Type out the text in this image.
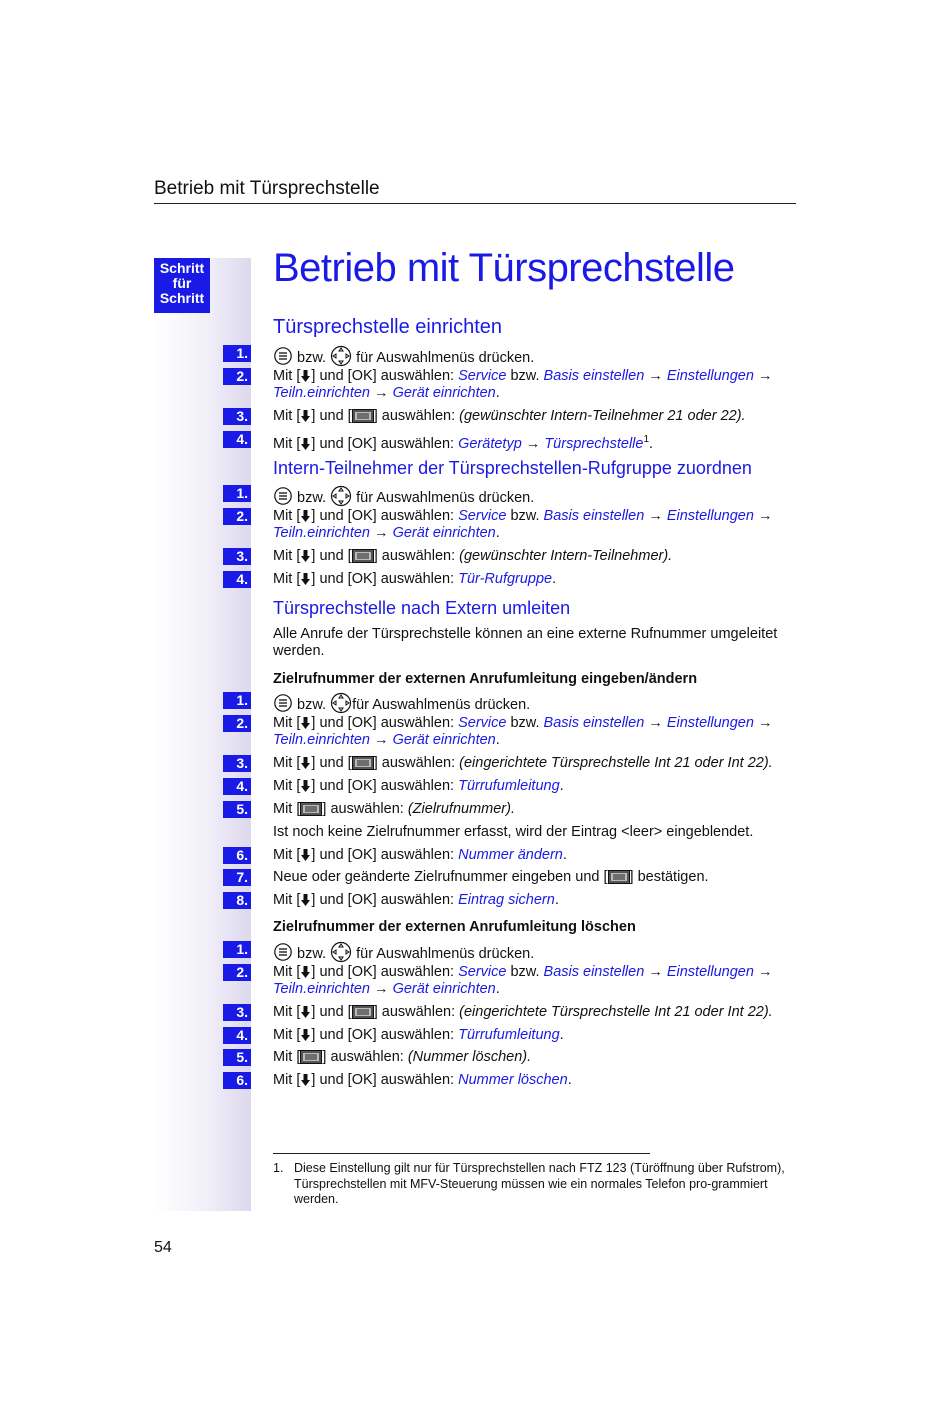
Betrieb mit Türsprechstelle
Schritt
für
Schritt
Betrieb mit Türsprechstelle
Türsprechstelle einrichten
1.	bzw. für Auswahlmenüs drücken.
2. Mit [ ] und [OK] auswählen: Service bzw. Basis einstellen → Einstellungen →
Teiln.einrichten → Gerät einrichten.
3. Mit [ ] und [ ] auswählen: (gewünschter Intern-Teilnehmer 21 oder 22).
4. Mit [ ] und [OK] auswählen: Gerätetyp → Türsprechstelle$^1$.
Intern-Teilnehmer der Türsprechstellen-Rufgruppe zuordnen
1.	bzw. für Auswahlmenüs drücken.
2. Mit [ ] und [OK] auswählen: Service bzw. Basis einstellen → Einstellungen →
Teiln.einrichten → Gerät einrichten.
3. Mit [ ] und [ ] auswählen: (gewünschter Intern-Teilnehmer).
4. Mit [ ] und [OK] auswählen: Tür-Rufgruppe.
Türsprechstelle nach Extern umleiten
Alle Anrufe der Türsprechstelle können an eine externe Rufnummer umgeleitet werden.
Zielrufnummer der externen Anrufumleitung eingeben/ändern
1.	bzw. für Auswahlmenüs drücken.
2. Mit [ ] und [OK] auswählen: Service bzw. Basis einstellen → Einstellungen →
Teiln.einrichten → Gerät einrichten.
3. Mit [ ] und [ ] auswählen: (eingerichtete Türsprechstelle Int 21 oder Int 22).
4. Mit [ ] und [OK] auswählen: Türrufumleitung.
5. Mit [ ] auswählen: (Zielrufnummer).
Ist noch keine Zielrufnummer erfasst, wird der Eintrag <leer> eingeblendet.
6. Mit [ ] und [OK] auswählen: Nummer ändern.
7. Neue oder geänderte Zielrufnummer eingeben und [ ] bestätigen.
8. Mit [ ] und [OK] auswählen: Eintrag sichern.
Zielrufnummer der externen Anrufumleitung löschen
1.	bzw. für Auswahlmenüs drücken.
2. Mit [ ] und [OK] auswählen: Service bzw. Basis einstellen → Einstellungen →
Teiln.einrichten → Gerät einrichten.
3. Mit [ ] und [ ] auswählen: (eingerichtete Türsprechstelle Int 21 oder Int 22).
4. Mit [ ] und [OK] auswählen: Türrufumleitung.
5. Mit [ ] auswählen: (Nummer löschen).
6. Mit [ ] und [OK] auswählen: Nummer löschen.
1. Diese Einstellung gilt nur für Türsprechstellen nach FTZ 123 (Türöffnung über Rufstrom), Türsprechstellen mit MFV-Steuerung müssen wie ein normales Telefon pro-grammiert werden.
54
